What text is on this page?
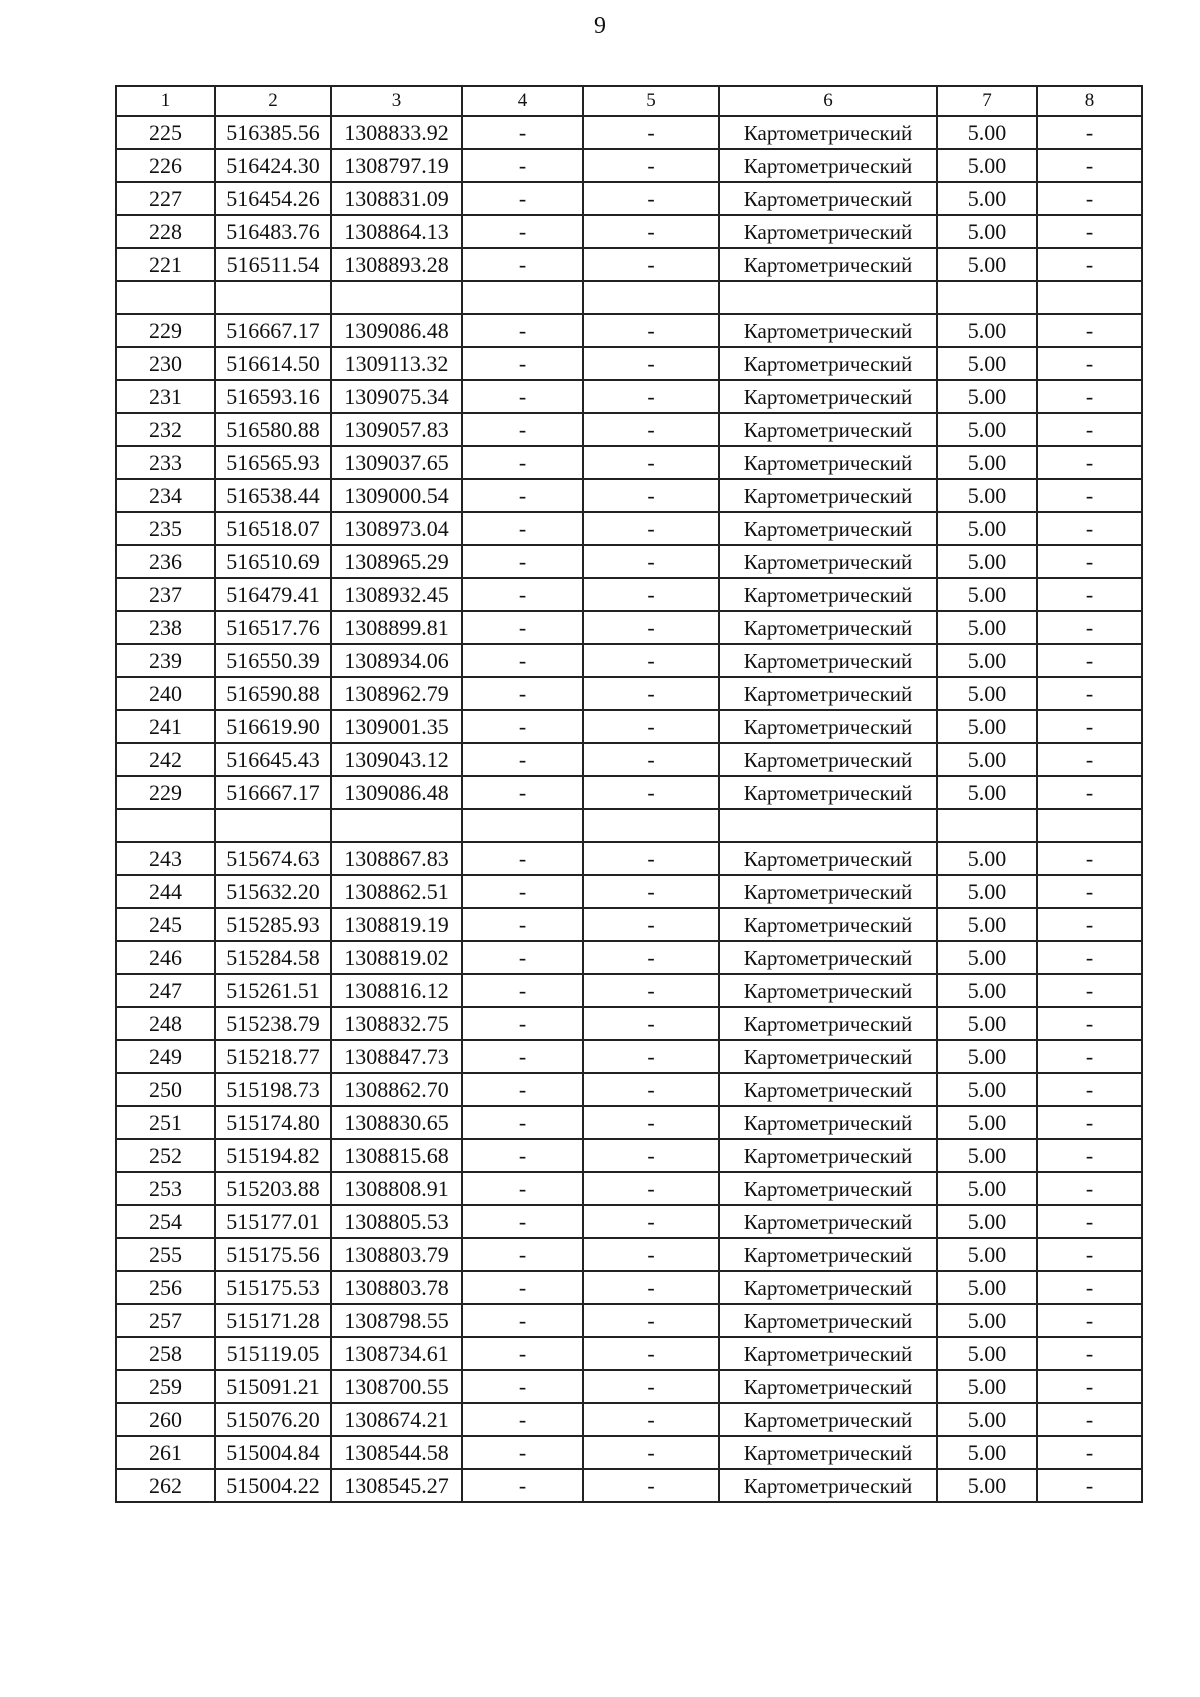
9
1	2	3	4	5	6	7	8
225	516385.56	1308833.92	-	-	Картометрический	5.00	-
226	516424.30	1308797.19	-	-	Картометрический	5.00	-
227	516454.26	1308831.09	-	-	Картометрический	5.00	-
228	516483.76	1308864.13	-	-	Картометрический	5.00	-
221	516511.54	1308893.28	-	-	Картометрический	5.00	-

229	516667.17	1309086.48	-	-	Картометрический	5.00	-
230	516614.50	1309113.32	-	-	Картометрический	5.00	-
231	516593.16	1309075.34	-	-	Картометрический	5.00	-
232	516580.88	1309057.83	-	-	Картометрический	5.00	-
233	516565.93	1309037.65	-	-	Картометрический	5.00	-
234	516538.44	1309000.54	-	-	Картометрический	5.00	-
235	516518.07	1308973.04	-	-	Картометрический	5.00	-
236	516510.69	1308965.29	-	-	Картометрический	5.00	-
237	516479.41	1308932.45	-	-	Картометрический	5.00	-
238	516517.76	1308899.81	-	-	Картометрический	5.00	-
239	516550.39	1308934.06	-	-	Картометрический	5.00	-
240	516590.88	1308962.79	-	-	Картометрический	5.00	-
241	516619.90	1309001.35	-	-	Картометрический	5.00	-
242	516645.43	1309043.12	-	-	Картометрический	5.00	-
229	516667.17	1309086.48	-	-	Картометрический	5.00	-

243	515674.63	1308867.83	-	-	Картометрический	5.00	-
244	515632.20	1308862.51	-	-	Картометрический	5.00	-
245	515285.93	1308819.19	-	-	Картометрический	5.00	-
246	515284.58	1308819.02	-	-	Картометрический	5.00	-
247	515261.51	1308816.12	-	-	Картометрический	5.00	-
248	515238.79	1308832.75	-	-	Картометрический	5.00	-
249	515218.77	1308847.73	-	-	Картометрический	5.00	-
250	515198.73	1308862.70	-	-	Картометрический	5.00	-
251	515174.80	1308830.65	-	-	Картометрический	5.00	-
252	515194.82	1308815.68	-	-	Картометрический	5.00	-
253	515203.88	1308808.91	-	-	Картометрический	5.00	-
254	515177.01	1308805.53	-	-	Картометрический	5.00	-
255	515175.56	1308803.79	-	-	Картометрический	5.00	-
256	515175.53	1308803.78	-	-	Картометрический	5.00	-
257	515171.28	1308798.55	-	-	Картометрический	5.00	-
258	515119.05	1308734.61	-	-	Картометрический	5.00	-
259	515091.21	1308700.55	-	-	Картометрический	5.00	-
260	515076.20	1308674.21	-	-	Картометрический	5.00	-
261	515004.84	1308544.58	-	-	Картометрический	5.00	-
262	515004.22	1308545.27	-	-	Картометрический	5.00	-
